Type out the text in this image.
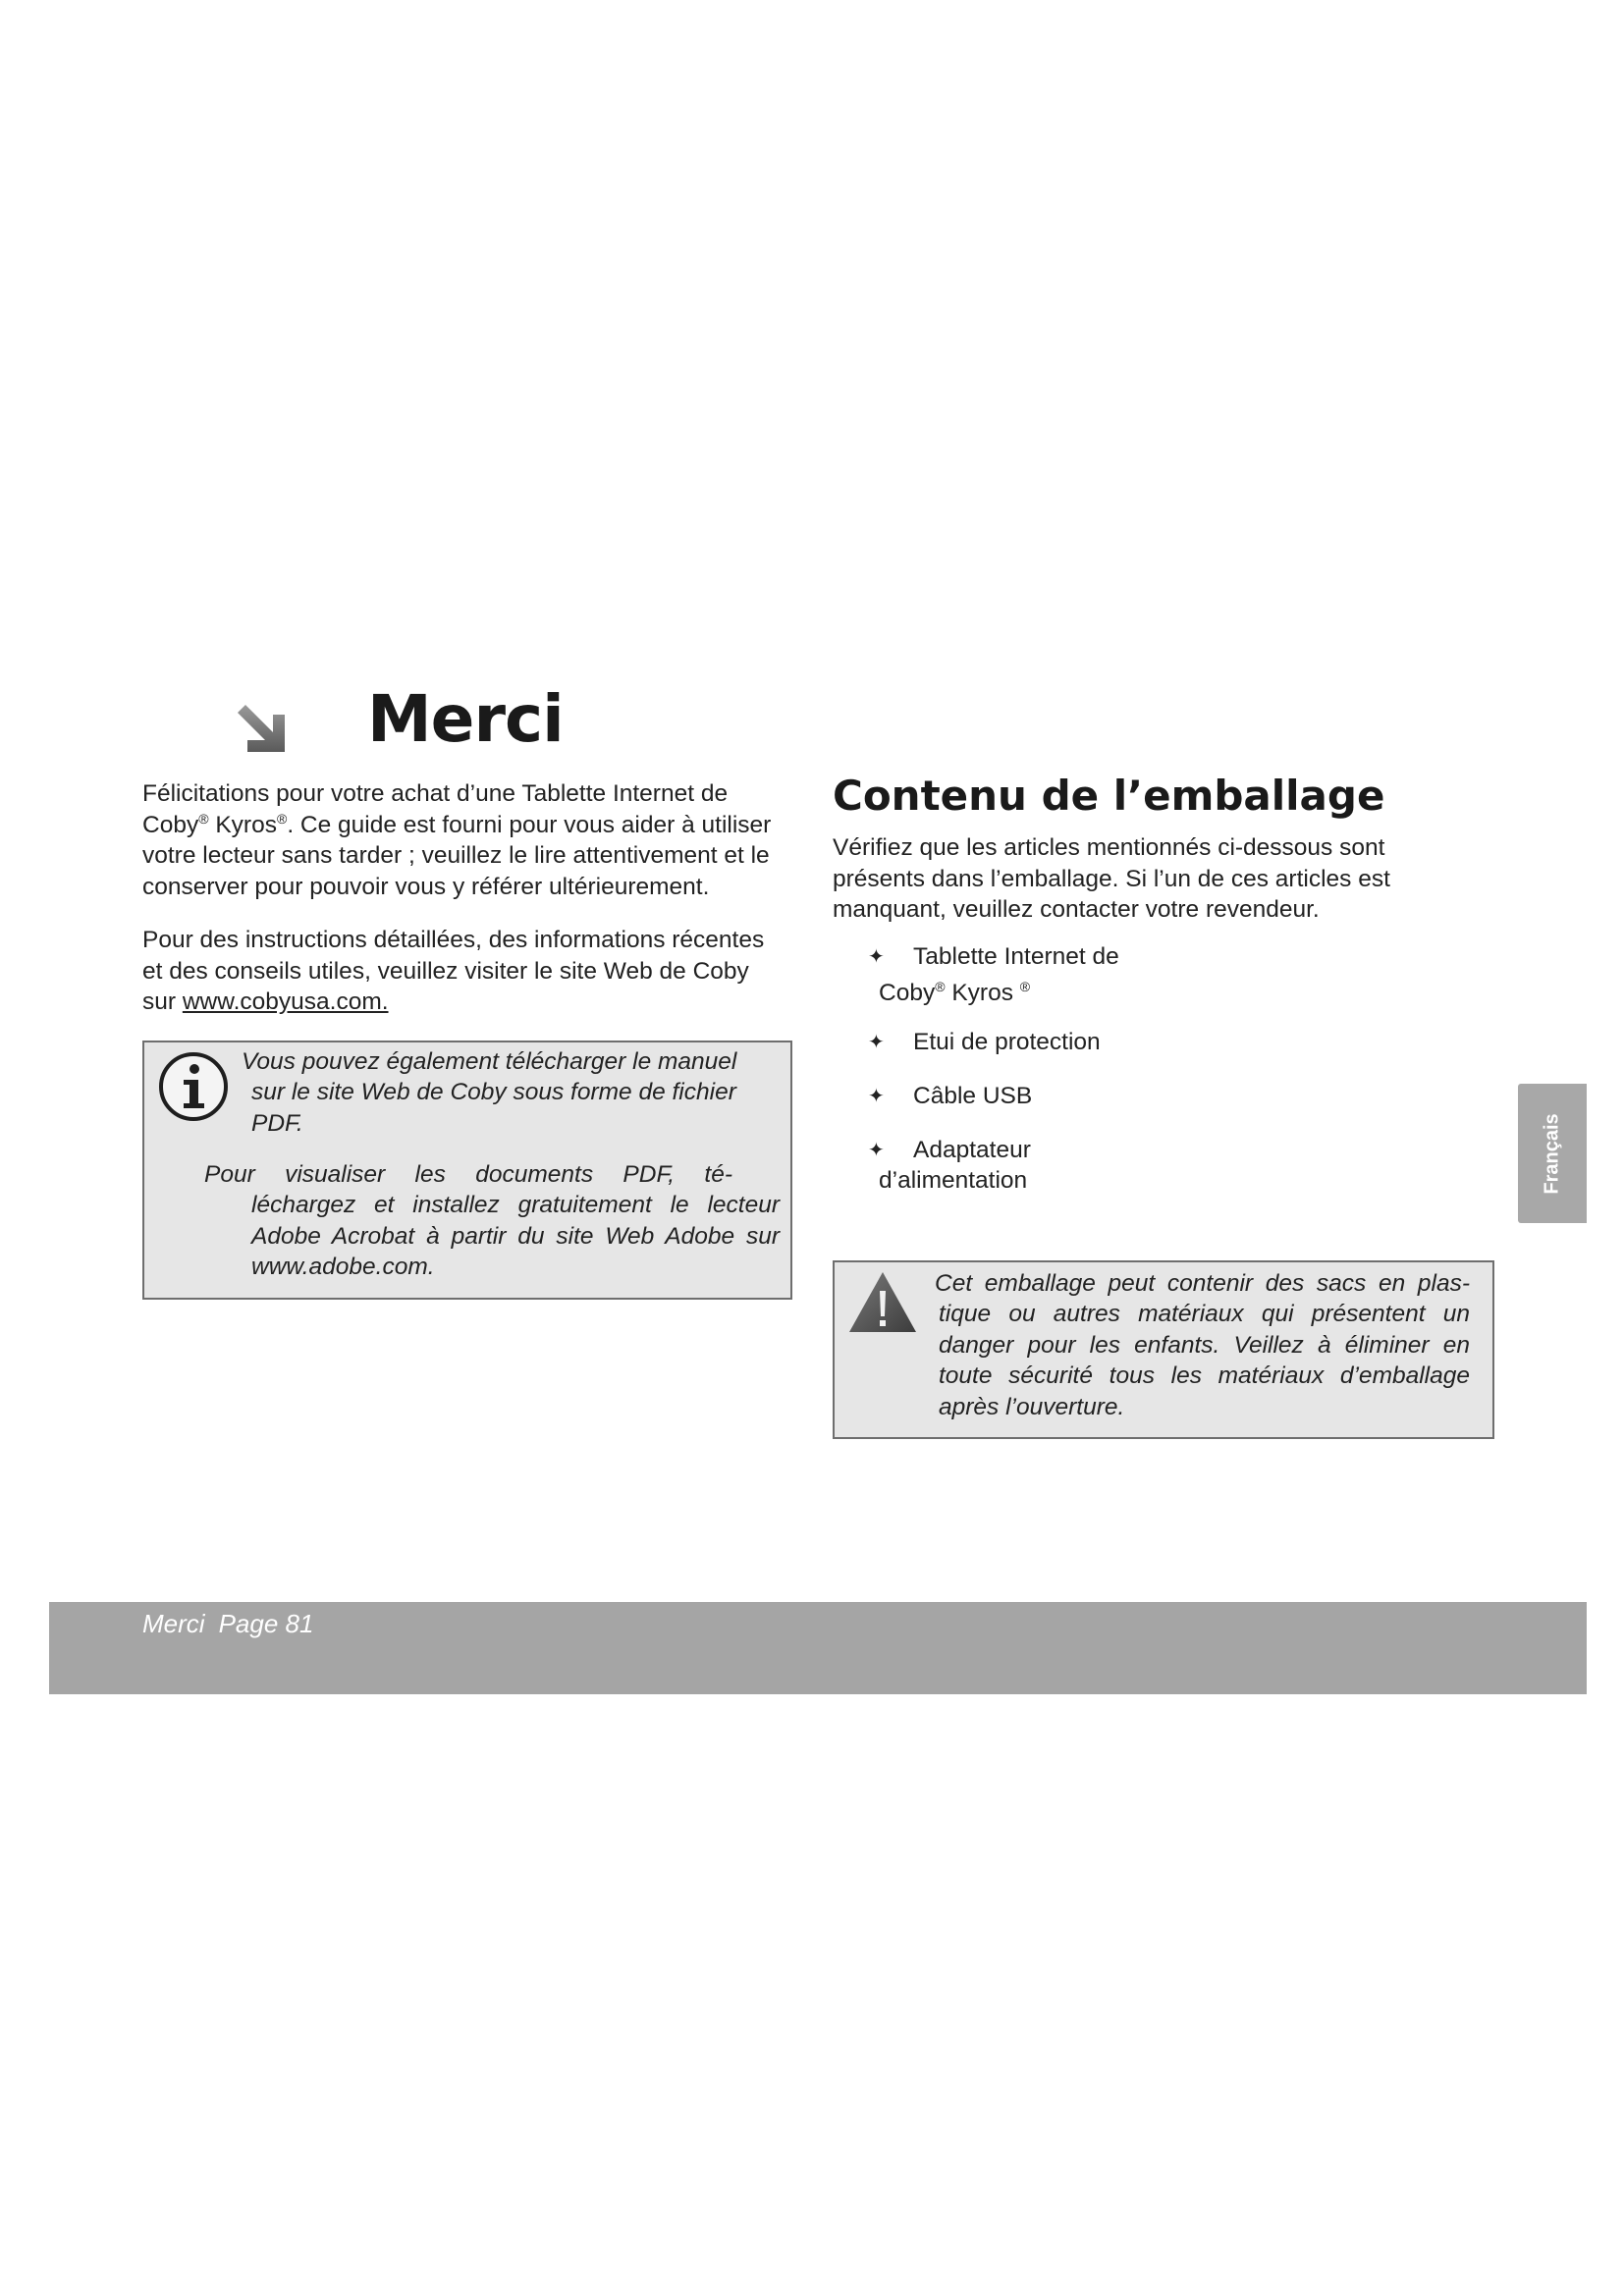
Merci
Félicitations pour votre achat d’une Tablette Internet de
Coby® Kyros®. Ce guide est fourni pour vous aider à utiliser
votre lecteur sans tarder ; veuillez le lire attentivement et le
conserver pour pouvoir vous y référer ultérieurement.
Pour des instructions détaillées, des informations récentes
et des conseils utiles, veuillez visiter le site Web de Coby
sur www.cobyusa.com.
Vous pouvez également télécharger le manuel
sur le site Web de Coby sous forme de fichier PDF.
Pour visualiser les documents PDF, té-
léchargez et installez gratuitement le lecteur Adobe Acrobat à partir du site Web Adobe sur www.adobe.com.
Contenu de l’emballage
Vérifiez que les articles mentionnés ci-dessous sont présents dans l’emballage. Si l’un de ces articles est manquant, veuillez contacter votre revendeur.
✦ Tablette Internet de
Coby® Kyros ®
✦ Etui de protection
✦ Câble USB
✦ Adaptateur
d’alimentation
Cet emballage peut contenir des sacs en plas-
tique ou autres matériaux qui présentent un danger pour les enfants. Veillez à éliminer en toute sécurité tous les matériaux d’emballage après l’ouverture.
Français
Merci Page 81
